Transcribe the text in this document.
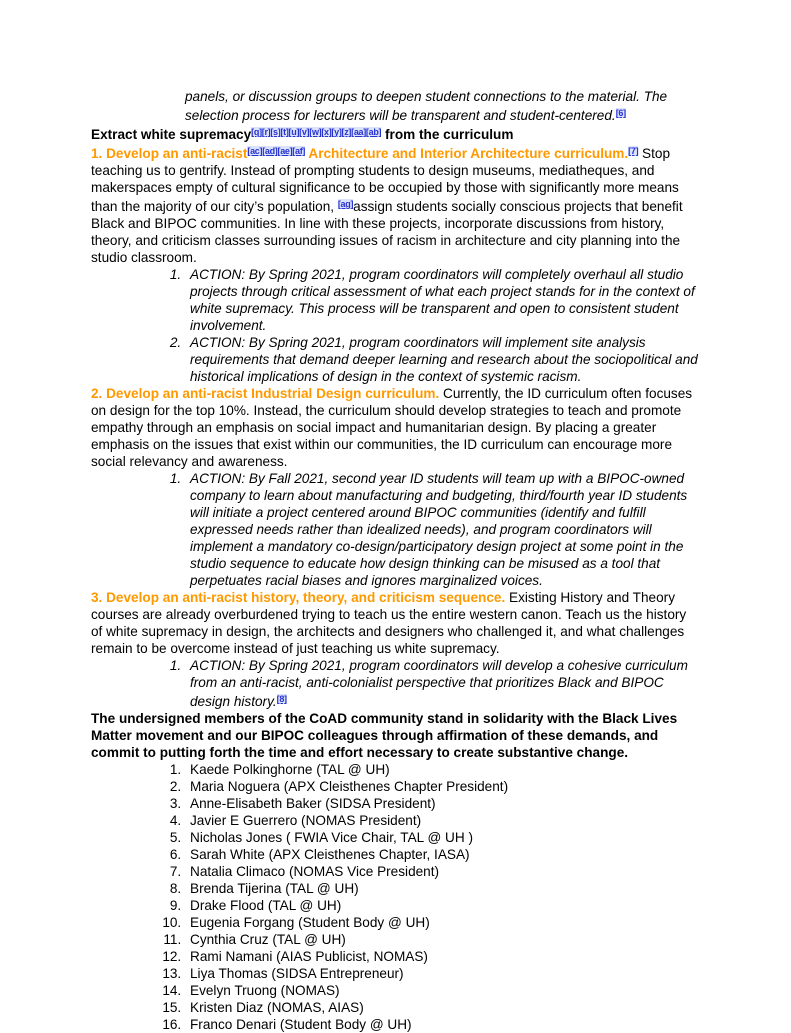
panels, or discussion groups to deepen student connections to the material. The selection process for lecturers will be transparent and student-centered.[6]

Extract white supremacy[q][r][s][t][u][v][w][x][y][z][aa][ab] from the curriculum

1. Develop an anti-racist[ac][ad][ae][af] Architecture and Interior Architecture curriculum.[7] Stop teaching us to gentrify. Instead of prompting students to design museums, mediatheques, and makerspaces empty of cultural significance to be occupied by those with significantly more means than the majority of our city’s population, [ag]assign students socially conscious projects that benefit Black and BIPOC communities. In line with these projects, incorporate discussions from history, theory, and criticism classes surrounding issues of racism in architecture and city planning into the studio classroom.

1. ACTION: By Spring 2021, program coordinators will completely overhaul all studio projects through critical assessment of what each project stands for in the context of white supremacy. This process will be transparent and open to consistent student involvement.
2. ACTION: By Spring 2021, program coordinators will implement site analysis requirements that demand deeper learning and research about the sociopolitical and historical implications of design in the context of systemic racism.

2. Develop an anti-racist Industrial Design curriculum. Currently, the ID curriculum often focuses on design for the top 10%. Instead, the curriculum should develop strategies to teach and promote empathy through an emphasis on social impact and humanitarian design. By placing a greater emphasis on the issues that exist within our communities, the ID curriculum can encourage more social relevancy and awareness.

1. ACTION: By Fall 2021, second year ID students will team up with a BIPOC-owned company to learn about manufacturing and budgeting, third/fourth year ID students will initiate a project centered around BIPOC communities (identify and fulfill expressed needs rather than idealized needs), and program coordinators will implement a mandatory co-design/participatory design project at some point in the studio sequence to educate how design thinking can be misused as a tool that perpetuates racial biases and ignores marginalized voices.

3. Develop an anti-racist history, theory, and criticism sequence. Existing History and Theory courses are already overburdened trying to teach us the entire western canon. Teach us the history of white supremacy in design, the architects and designers who challenged it, and what challenges remain to be overcome instead of just teaching us white supremacy.

1. ACTION: By Spring 2021, program coordinators will develop a cohesive curriculum from an anti-racist, anti-colonialist perspective that prioritizes Black and BIPOC design history.[8]

The undersigned members of the CoAD community stand in solidarity with the Black Lives Matter movement and our BIPOC colleagues through affirmation of these demands, and commit to putting forth the time and effort necessary to create substantive change.

1. Kaede Polkinghorne (TAL @ UH)
2. Maria Noguera (APX Cleisthenes Chapter President)
3. Anne-Elisabeth Baker (SIDSA President)
4. Javier E Guerrero (NOMAS President)
5. Nicholas Jones ( FWIA Vice Chair, TAL @ UH )
6. Sarah White (APX Cleisthenes Chapter, IASA)
7. Natalia Climaco (NOMAS Vice President)
8. Brenda Tijerina (TAL @ UH)
9. Drake Flood (TAL @ UH)
10. Eugenia Forgang (Student Body @ UH)
11. Cynthia Cruz (TAL @ UH)
12. Rami Namani (AIAS Publicist, NOMAS)
13. Liya Thomas (SIDSA Entrepreneur)
14. Evelyn Truong (NOMAS)
15. Kristen Diaz (NOMAS, AIAS)
16. Franco Denari (Student Body @ UH)
